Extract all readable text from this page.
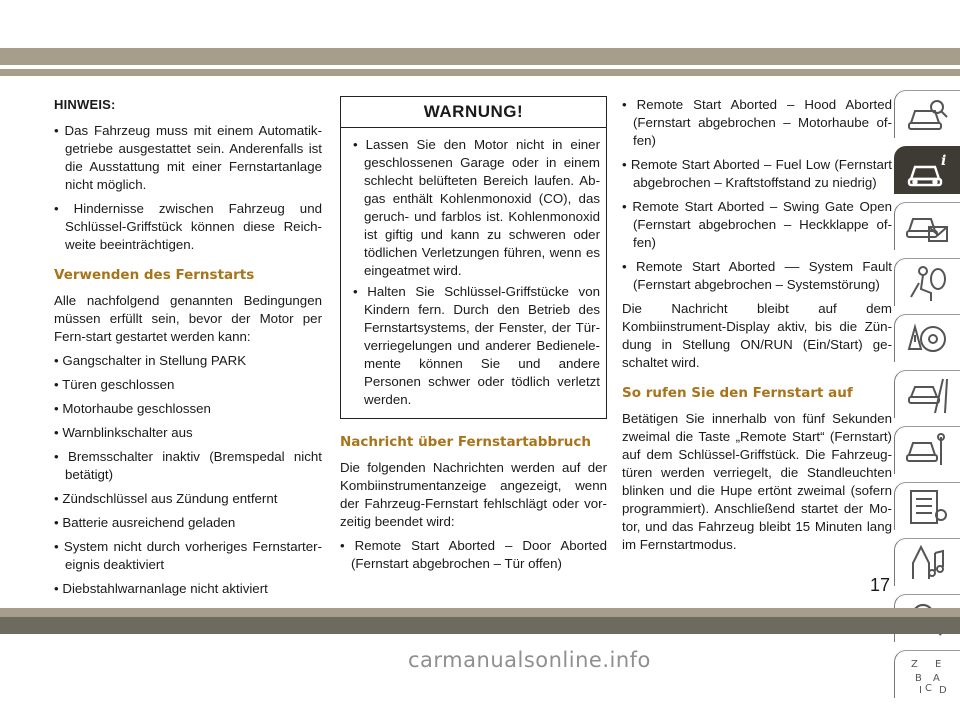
HINWEIS:

• Das Fahrzeug muss mit einem Automatik-getriebe ausgestattet sein. Anderenfalls ist die Ausstattung mit einer Fernstartanlage nicht möglich.

• Hindernisse zwischen Fahrzeug und Schlüssel-Griffstück können diese Reich-weite beeinträchtigen.

Verwenden des Fernstarts

Alle nachfolgend genannten Bedingungen müssen erfüllt sein, bevor der Motor per Fern-start gestartet werden kann:

• Gangschalter in Stellung PARK

• Türen geschlossen

• Motorhaube geschlossen

• Warnblinkschalter aus

• Bremsschalter inaktiv (Bremspedal nicht betätigt)

• Zündschlüssel aus Zündung entfernt

• Batterie ausreichend geladen

• System nicht durch vorheriges Fernstarter-eignis deaktiviert

• Diebstahlwarnanlage nicht aktiviert

WARNUNG!

• Lassen Sie den Motor nicht in einer geschlossenen Garage oder in einem schlecht belüfteten Bereich laufen. Ab-gas enthält Kohlenmonoxid (CO), das geruch- und farblos ist. Kohlenmonoxid ist giftig und kann zu schweren oder tödlichen Verletzungen führen, wenn es eingeatmet wird.

• Halten Sie Schlüssel-Griffstücke von Kindern fern. Durch den Betrieb des Fernstartsystems, der Fenster, der Tür-verriegelungen und anderer Bedienele-mente können Sie und andere Personen schwer oder tödlich verletzt werden.

Nachricht über Fernstartabbruch

Die folgenden Nachrichten werden auf der Kombiinstrumentanzeige angezeigt, wenn der Fahrzeug-Fernstart fehlschlägt oder vor-zeitig beendet wird:

• Remote Start Aborted – Door Aborted (Fernstart abgebrochen – Tür offen)

• Remote Start Aborted – Hood Aborted (Fernstart abgebrochen – Motorhaube of-fen)

• Remote Start Aborted – Fuel Low (Fernstart abgebrochen – Kraftstoffstand zu niedrig)

• Remote Start Aborted – Swing Gate Open (Fernstart abgebrochen – Heckklappe of-fen)

• Remote Start Aborted –– System Fault (Fernstart abgebrochen – Systemstörung)

Die Nachricht bleibt auf dem Kombiinstrument-Display aktiv, bis die Zün-dung in Stellung ON/RUN (Ein/Start) ge-schaltet wird.

So rufen Sie den Fernstart auf

Betätigen Sie innerhalb von fünf Sekunden zweimal die Taste „Remote Start“ (Fernstart) auf dem Schlüssel-Griffstück. Die Fahrzeug-türen werden verriegelt, die Standleuchten blinken und die Hupe ertönt zweimal (sofern programmiert). Anschließend startet der Mo-tor, und das Fahrzeug bleibt 15 Minuten lang im Fernstartmodus.

i
Z E
B A
I C D
17
carmanualsonline.info
